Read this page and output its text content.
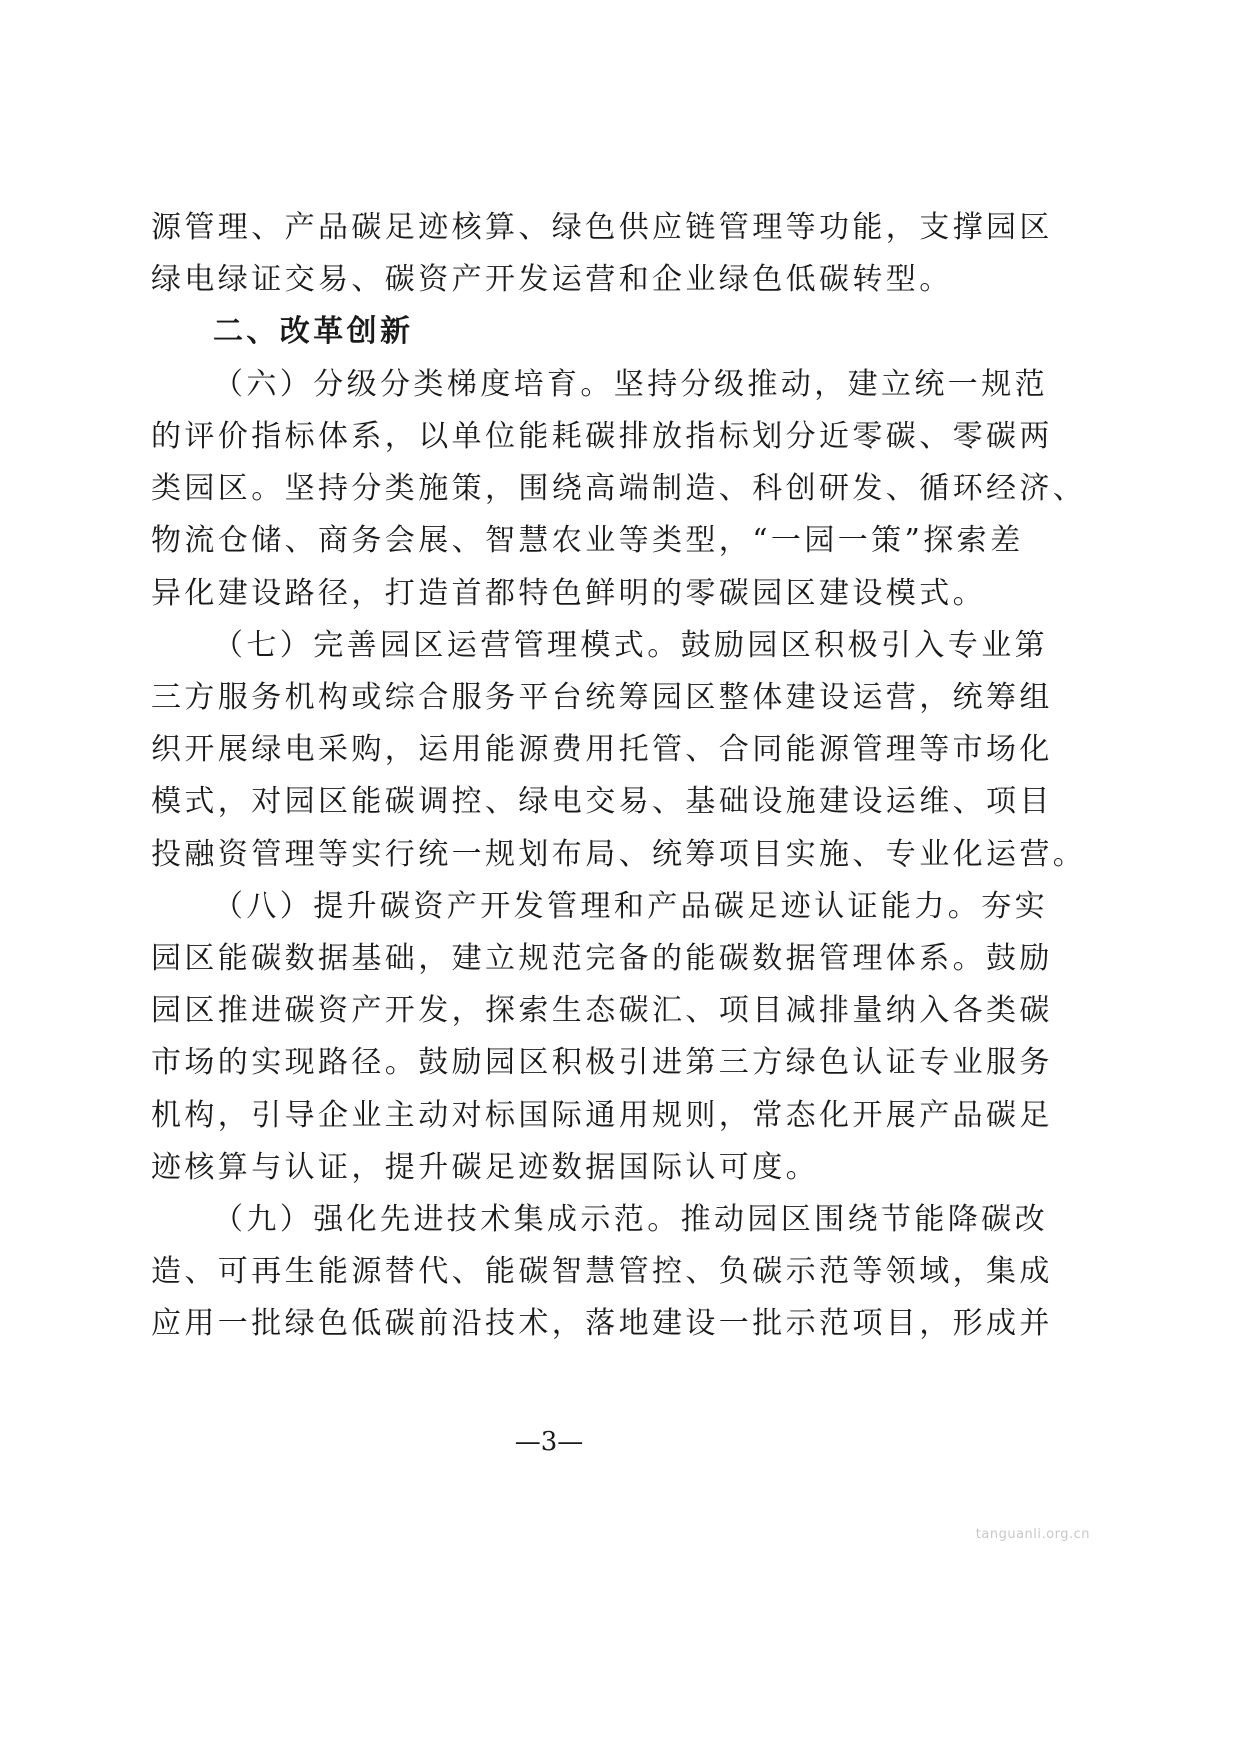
源管理、产品碳足迹核算、绿色供应链管理等功能，支撑园区
绿电绿证交易、碳资产开发运营和企业绿色低碳转型。
二、改革创新
（六）分级分类梯度培育。坚持分级推动，建立统一规范
的评价指标体系，以单位能耗碳排放指标划分近零碳、零碳两
类园区。坚持分类施策，围绕高端制造、科创研发、循环经济、
物流仓储、商务会展、智慧农业等类型，“一园一策”探索差
异化建设路径，打造首都特色鲜明的零碳园区建设模式。
（七）完善园区运营管理模式。鼓励园区积极引入专业第
三方服务机构或综合服务平台统筹园区整体建设运营，统筹组
织开展绿电采购，运用能源费用托管、合同能源管理等市场化
模式，对园区能碳调控、绿电交易、基础设施建设运维、项目
投融资管理等实行统一规划布局、统筹项目实施、专业化运营。
（八）提升碳资产开发管理和产品碳足迹认证能力。夯实
园区能碳数据基础，建立规范完备的能碳数据管理体系。鼓励
园区推进碳资产开发，探索生态碳汇、项目减排量纳入各类碳
市场的实现路径。鼓励园区积极引进第三方绿色认证专业服务
机构，引导企业主动对标国际通用规则，常态化开展产品碳足
迹核算与认证，提升碳足迹数据国际认可度。
（九）强化先进技术集成示范。推动园区围绕节能降碳改
造、可再生能源替代、能碳智慧管控、负碳示范等领域，集成
应用一批绿色低碳前沿技术，落地建设一批示范项目，形成并
—3—
tanguanli.org.cn
